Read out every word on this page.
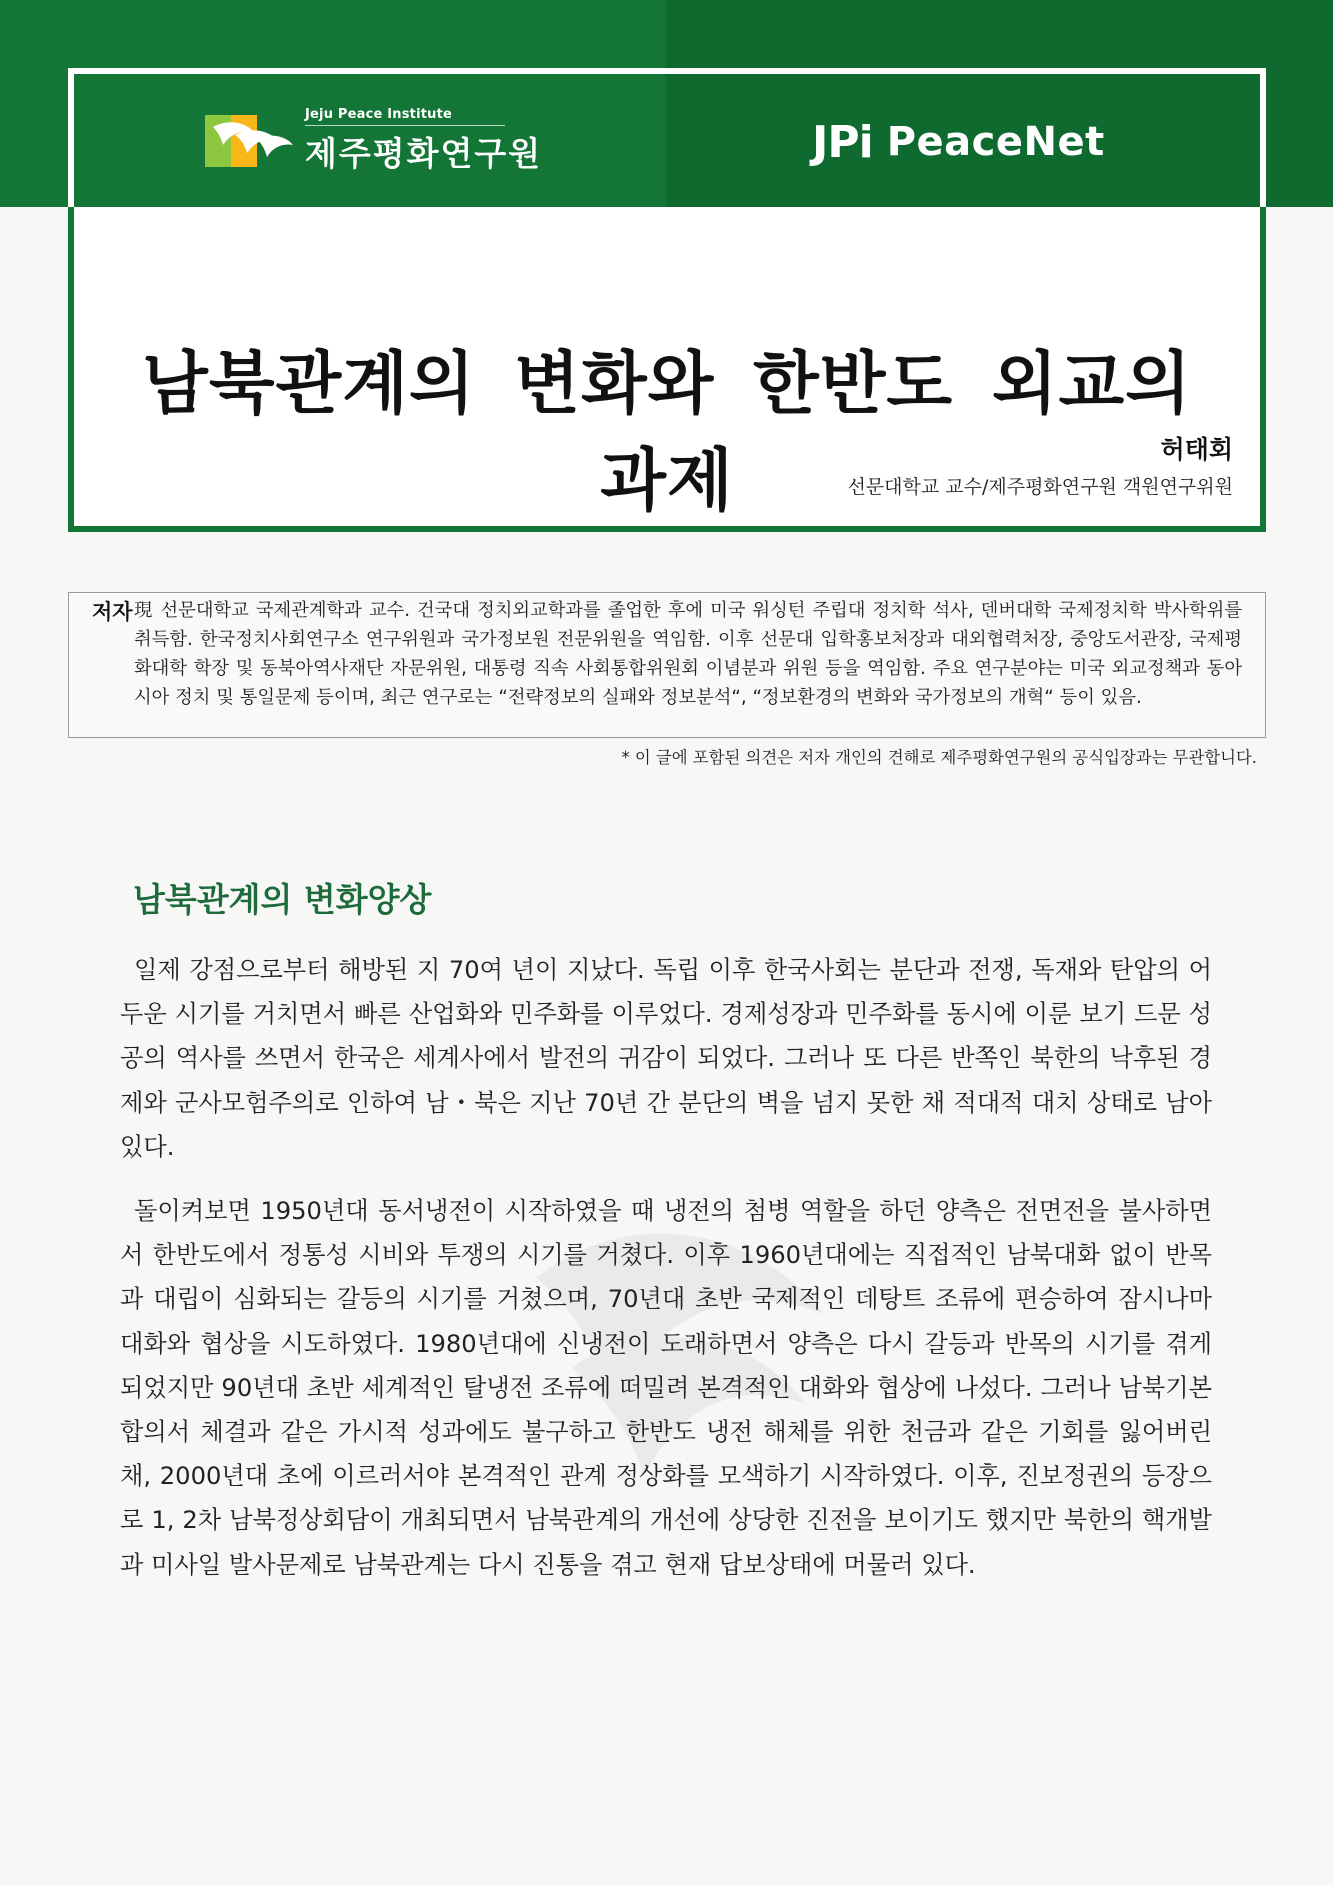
Jeju Peace Institute
제주평화연구원	JPi PeaceNet
남북관계의 변화와 한반도 외교의 과제	허태회
선문대학교 교수/제주평화연구원 객원연구위원
저자 現 선문대학교 국제관계학과 교수. 건국대 정치외교학과를 졸업한 후에 미국 워싱턴 주립대 정치학 석사, 덴버대학 국제정치학 박사학위를 취득함. 한국정치사회연구소 연구위원과 국가정보원 전문위원을 역임함. 이후 선문대 입학홍보처장과 대외협력처장, 중앙도서관장, 국제평화대학 학장 및 동북아역사재단 자문위원, 대통령 직속 사회통합위원회 이념분과 위원 등을 역임함. 주요 연구분야는 미국 외교정책과 동아시아 정치 및 통일문제 등이며, 최근 연구로는 “전략정보의 실패와 정보분석“, “정보환경의 변화와 국가정보의 개혁“ 등이 있음.
* 이 글에 포함된 의견은 저자 개인의 견해로 제주평화연구원의 공식입장과는 무관합니다.
남북관계의 변화양상
일제 강점으로부터 해방된 지 70여 년이 지났다. 독립 이후 한국사회는 분단과 전쟁, 독재와 탄압의 어두운 시기를 거치면서 빠른 산업화와 민주화를 이루었다. 경제성장과 민주화를 동시에 이룬 보기 드문 성공의 역사를 쓰면서 한국은 세계사에서 발전의 귀감이 되었다. 그러나 또 다른 반쪽인 북한의 낙후된 경제와 군사모험주의로 인하여 남・북은 지난 70년 간 분단의 벽을 넘지 못한 채 적대적 대치 상태로 남아 있다.
돌이켜보면 1950년대 동서냉전이 시작하였을 때 냉전의 첨병 역할을 하던 양측은 전면전을 불사하면서 한반도에서 정통성 시비와 투쟁의 시기를 거쳤다. 이후 1960년대에는 직접적인 남북대화 없이 반목과 대립이 심화되는 갈등의 시기를 거쳤으며, 70년대 초반 국제적인 데탕트 조류에 편승하여 잠시나마 대화와 협상을 시도하였다. 1980년대에 신냉전이 도래하면서 양측은 다시 갈등과 반목의 시기를 겪게 되었지만 90년대 초반 세계적인 탈냉전 조류에 떠밀려 본격적인 대화와 협상에 나섰다. 그러나 남북기본합의서 체결과 같은 가시적 성과에도 불구하고 한반도 냉전 해체를 위한 천금과 같은 기회를 잃어버린 채, 2000년대 초에 이르러서야 본격적인 관계 정상화를 모색하기 시작하였다. 이후, 진보정권의 등장으로 1, 2차 남북정상회담이 개최되면서 남북관계의 개선에 상당한 진전을 보이기도 했지만 북한의 핵개발과 미사일 발사문제로 남북관계는 다시 진통을 겪고 현재 답보상태에 머물러 있다.
